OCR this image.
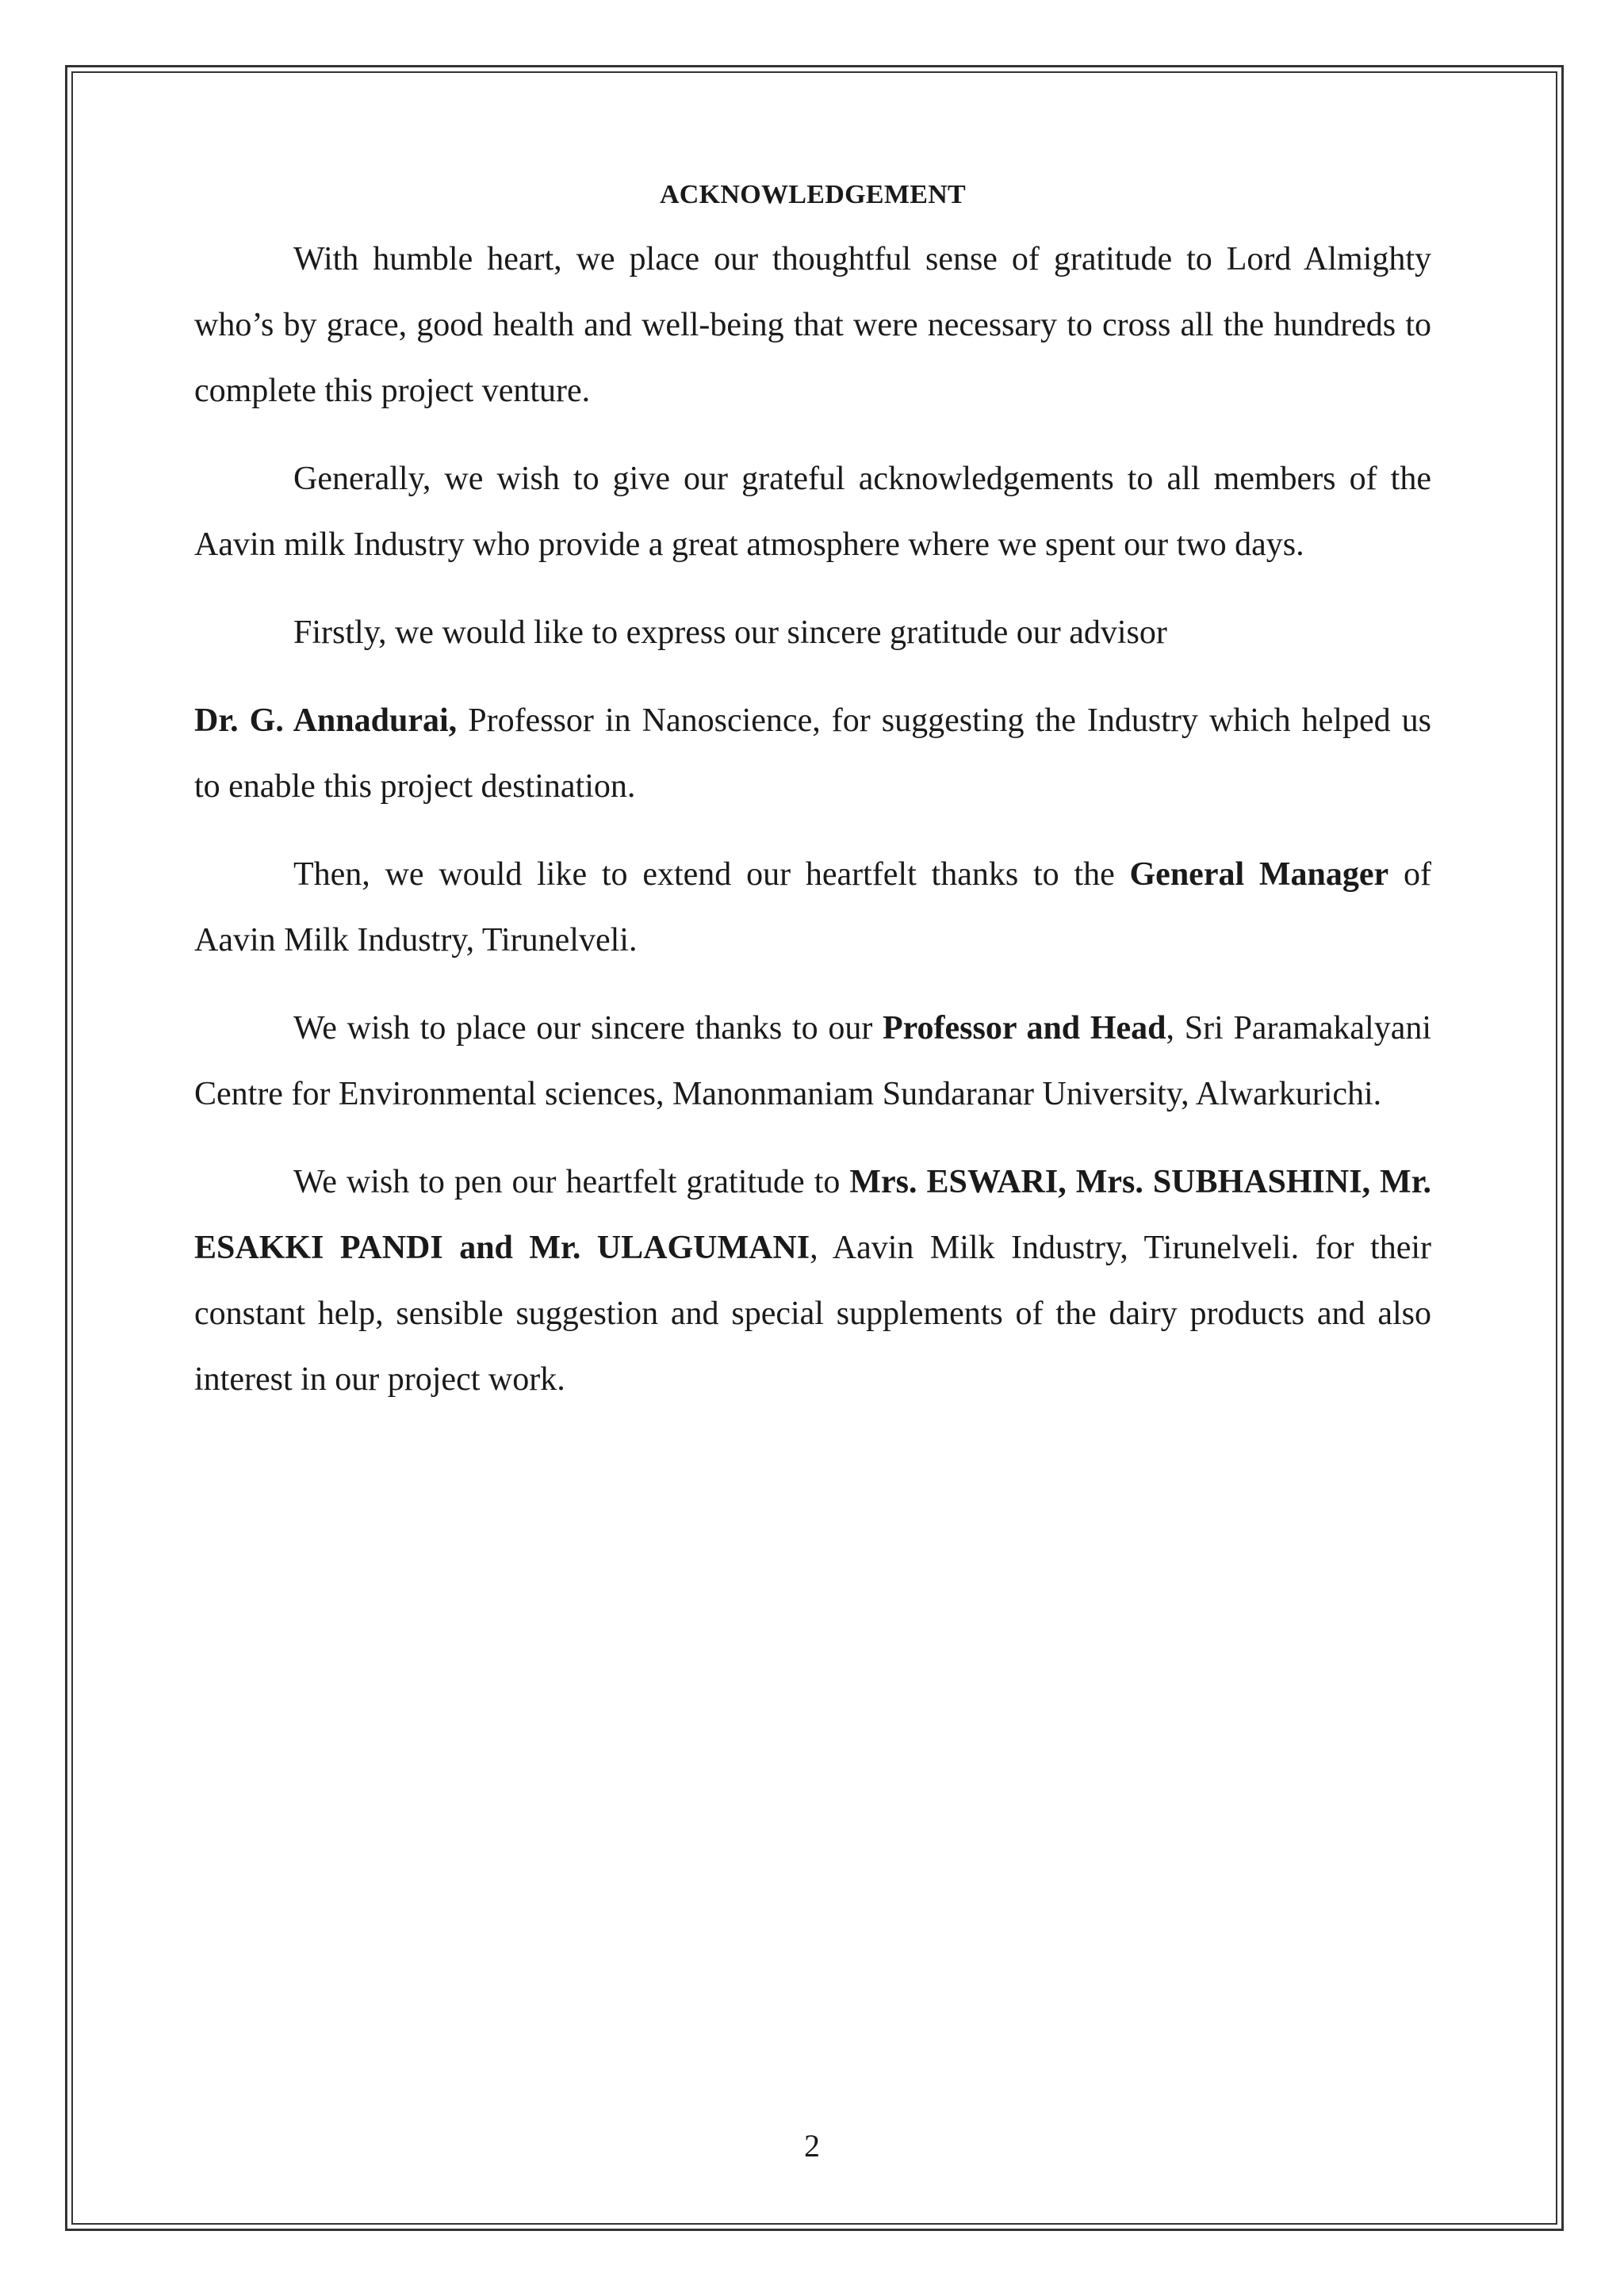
ACKNOWLEDGEMENT

With humble heart, we place our thoughtful sense of gratitude to Lord Almighty who’s by grace, good health and well-being that were necessary to cross all the hundreds to complete this project venture.

Generally, we wish to give our grateful acknowledgements to all members of the Aavin milk Industry who provide a great atmosphere where we spent our two days.

Firstly, we would like to express our sincere gratitude our advisor

Dr. G. Annadurai, Professor in Nanoscience, for suggesting the Industry which helped us to enable this project destination.

Then, we would like to extend our heartfelt thanks to the General Manager of Aavin Milk Industry, Tirunelveli.

We wish to place our sincere thanks to our Professor and Head, Sri Paramakalyani Centre for Environmental sciences, Manonmaniam Sundaranar University, Alwarkurichi.

We wish to pen our heartfelt gratitude to Mrs. ESWARI, Mrs. SUBHASHINI, Mr. ESAKKI PANDI and Mr. ULAGUMANI, Aavin Milk Industry, Tirunelveli. for their constant help, sensible suggestion and special supplements of the dairy products and also interest in our project work.

2
